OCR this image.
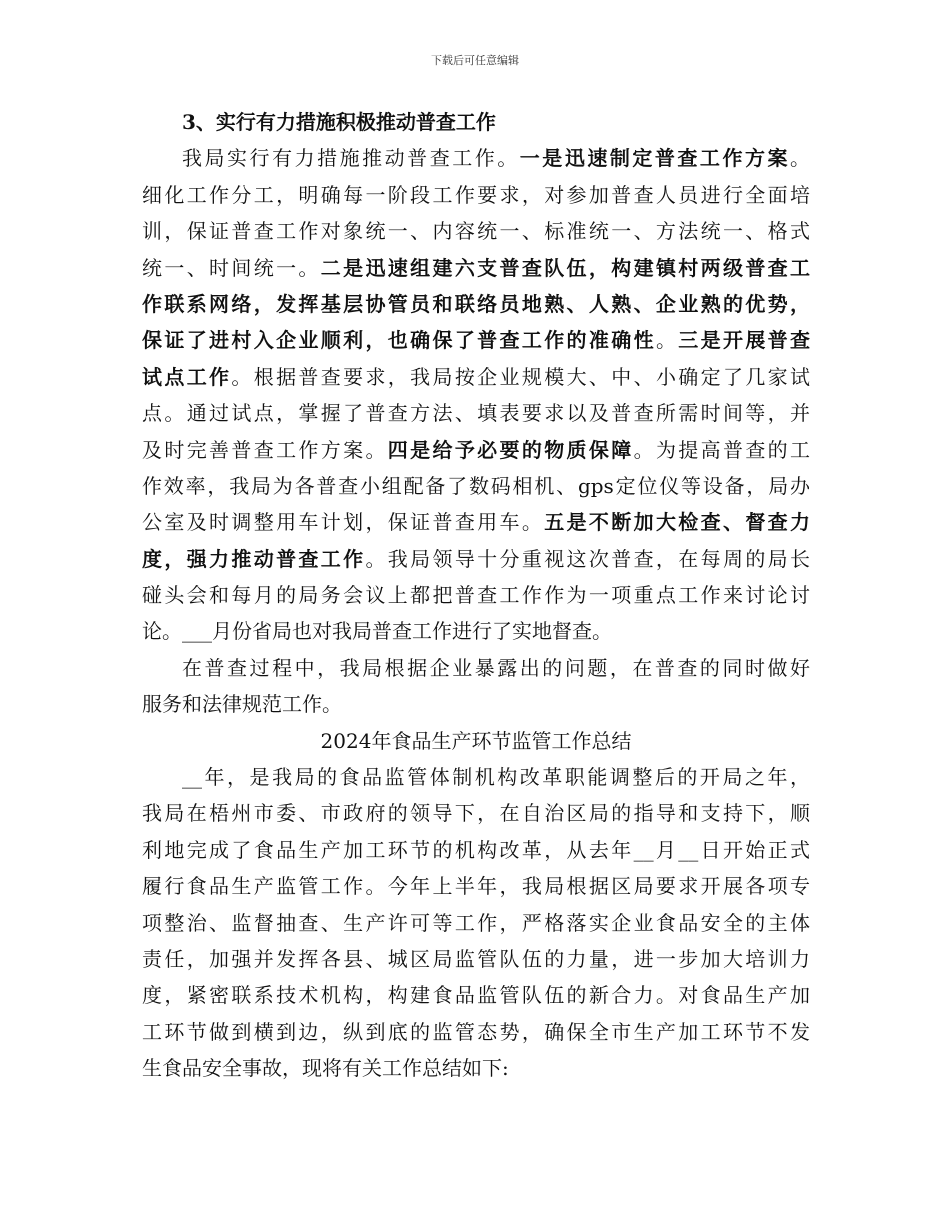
下载后可任意编辑
3、实行有力措施积极推动普查工作
我局实行有力措施推动普查工作。一是迅速制定普查工作方案。
细化工作分工，明确每一阶段工作要求，对参加普查人员进行全面培
训，保证普查工作对象统一、内容统一、标准统一、方法统一、格式
统一、时间统一。二是迅速组建六支普查队伍，构建镇村两级普查工
作联系网络，发挥基层协管员和联络员地熟、人熟、企业熟的优势，
保证了进村入企业顺利，也确保了普查工作的准确性。三是开展普查
试点工作。根据普查要求，我局按企业规模大、中、小确定了几家试
点。通过试点，掌握了普查方法、填表要求以及普查所需时间等，并
及时完善普查工作方案。四是给予必要的物质保障。为提高普查的工
作效率，我局为各普查小组配备了数码相机、gps定位仪等设备，局办
公室及时调整用车计划，保证普查用车。五是不断加大检查、督查力
度，强力推动普查工作。我局领导十分重视这次普查，在每周的局长
碰头会和每月的局务会议上都把普查工作作为一项重点工作来讨论讨
论。___月份省局也对我局普查工作进行了实地督查。
在普查过程中，我局根据企业暴露出的问题，在普查的同时做好
服务和法律规范工作。
2024年食品生产环节监管工作总结
__年，是我局的食品监管体制机构改革职能调整后的开局之年，
我局在梧州市委、市政府的领导下，在自治区局的指导和支持下，顺
利地完成了食品生产加工环节的机构改革，从去年__月__日开始正式
履行食品生产监管工作。今年上半年，我局根据区局要求开展各项专
项整治、监督抽查、生产许可等工作，严格落实企业食品安全的主体
责任，加强并发挥各县、城区局监管队伍的力量，进一步加大培训力
度，紧密联系技术机构，构建食品监管队伍的新合力。对食品生产加
工环节做到横到边，纵到底的监管态势，确保全市生产加工环节不发
生食品安全事故，现将有关工作总结如下:
